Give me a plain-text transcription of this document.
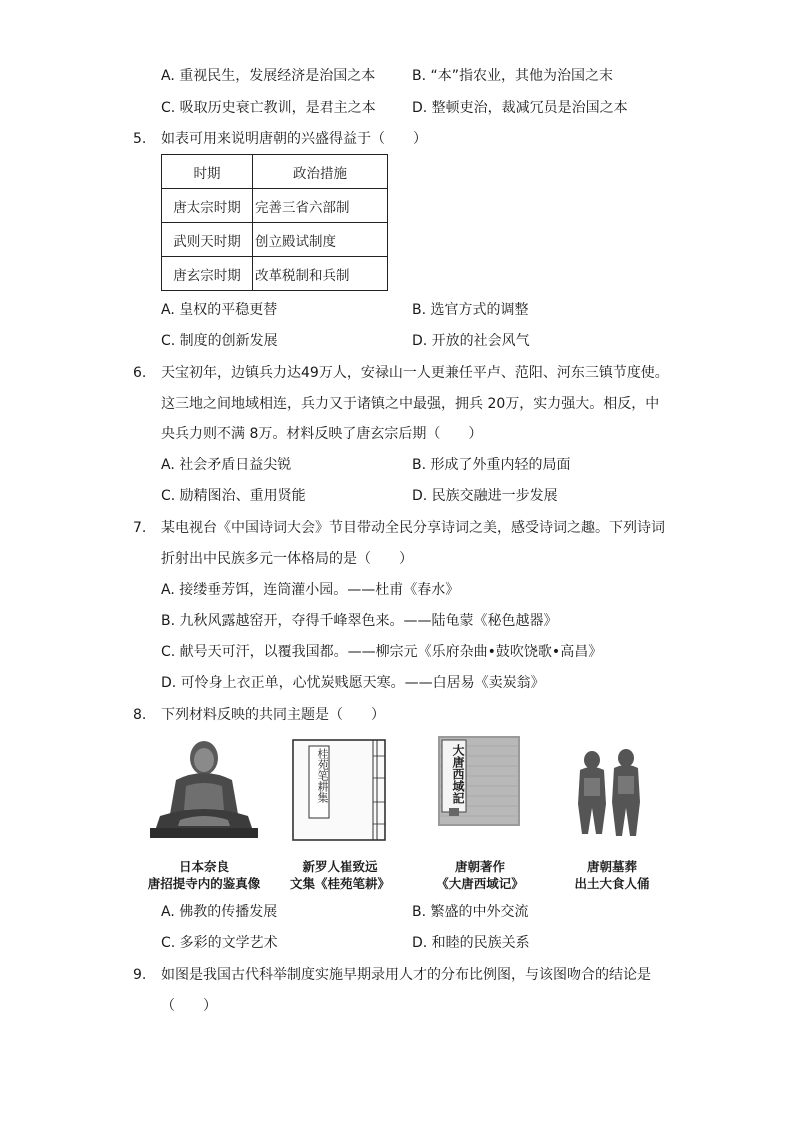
A. 重视民生，发展经济是治国之本	B. “本”指农业，其他为治国之末
C. 吸取历史衰亡教训，是君主之本	D. 整顿吏治，裁减冗员是治国之本
5. 如表可用来说明唐朝的兴盛得益于（　　）
时期	政治措施
唐太宗时期	完善三省六部制
武则天时期	创立殿试制度
唐玄宗时期	改革税制和兵制
A. 皇权的平稳更替	B. 选官方式的调整
C. 制度的创新发展	D. 开放的社会风气
6. 天宝初年，边镇兵力达49万人，安禄山一人更兼任平卢、范阳、河东三镇节度使。
这三地之间地域相连，兵力又于诸镇之中最强，拥兵 20万，实力强大。相反，中
央兵力则不满 8万。材料反映了唐玄宗后期（　　）
A. 社会矛盾日益尖锐	B. 形成了外重内轻的局面
C. 励精图治、重用贤能	D. 民族交融进一步发展
7. 某电视台《中国诗词大会》节目带动全民分享诗词之美，感受诗词之趣。下列诗词
折射出中民族多元一体格局的是（　　）
A. 接缕垂芳饵，连筒灌小园。——杜甫《春水》
B. 九秋风露越窑开，夺得千峰翠色来。——陆龟蒙《秘色越器》
C. 献号天可汗，以覆我国都。——柳宗元《乐府杂曲•鼓吹饶歌•高昌》
D. 可怜身上衣正单，心忧炭贱愿天寒。——白居易《卖炭翁》
8. 下列材料反映的共同主题是（　　）
桂苑笔耕集	大唐西域記
日本奈良
唐招提寺内的鉴真像
新罗人崔致远
文集《桂苑笔耕》
唐朝著作
《大唐西域记》
唐朝墓葬
出土大食人俑
A. 佛教的传播发展	B. 繁盛的中外交流
C. 多彩的文学艺术	D. 和睦的民族关系
9. 如图是我国古代科举制度实施早期录用人才的分布比例图，与该图吻合的结论是
（　　）
